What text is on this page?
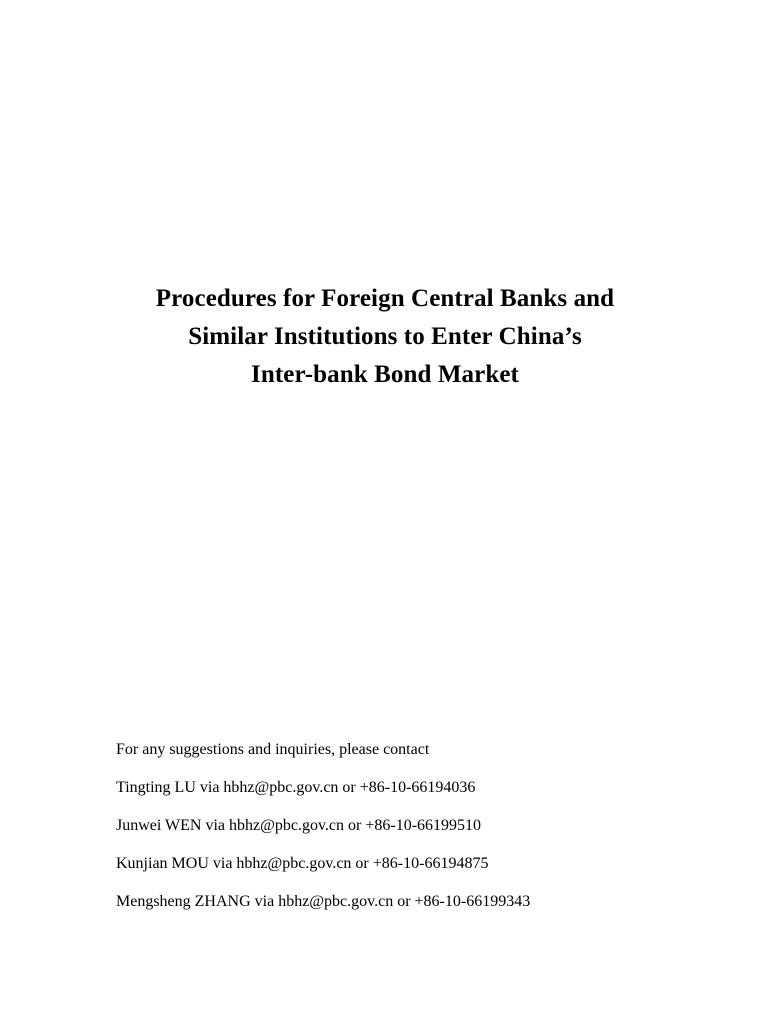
Procedures for Foreign Central Banks and
Similar Institutions to Enter China’s
Inter-bank Bond Market
For any suggestions and inquiries, please contact
Tingting LU via hbhz@pbc.gov.cn or +86-10-66194036
Junwei WEN via hbhz@pbc.gov.cn or +86-10-66199510
Kunjian MOU via hbhz@pbc.gov.cn or +86-10-66194875
Mengsheng ZHANG via hbhz@pbc.gov.cn or +86-10-66199343
